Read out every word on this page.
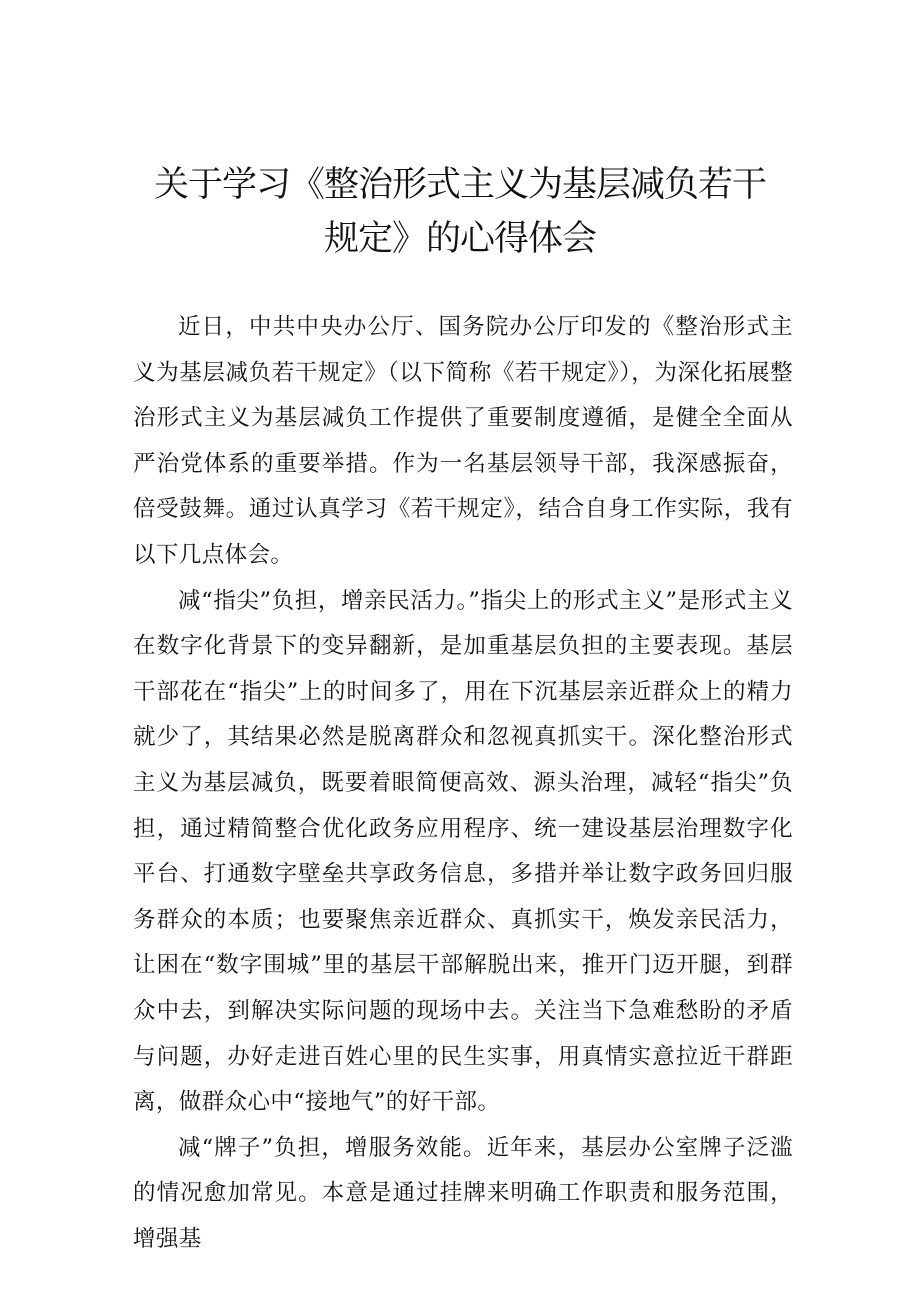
关于学习《整治形式主义为基层减负若干
规定》的心得体会

近日，中共中央办公厅、国务院办公厅印发的《整治形式主义为基层减负若干规定》（以下简称《若干规定》），为深化拓展整治形式主义为基层减负工作提供了重要制度遵循，是健全全面从严治党体系的重要举措。作为一名基层领导干部，我深感振奋，倍受鼓舞。通过认真学习《若干规定》，结合自身工作实际，我有以下几点体会。

减“指尖”负担，增亲民活力。”指尖上的形式主义”是形式主义在数字化背景下的变异翻新，是加重基层负担的主要表现。基层干部花在“指尖”上的时间多了，用在下沉基层亲近群众上的精力就少了，其结果必然是脱离群众和忽视真抓实干。深化整治形式主义为基层减负，既要着眼简便高效、源头治理，减轻“指尖”负担，通过精简整合优化政务应用程序、统一建设基层治理数字化平台、打通数字壁垒共享政务信息，多措并举让数字政务回归服务群众的本质；也要聚焦亲近群众、真抓实干，焕发亲民活力，让困在“数字围城”里的基层干部解脱出来，推开门迈开腿，到群众中去，到解决实际问题的现场中去。关注当下急难愁盼的矛盾与问题，办好走进百姓心里的民生实事，用真情实意拉近干群距离，做群众心中“接地气”的好干部。

减“牌子”负担，增服务效能。近年来，基层办公室牌子泛滥的情况愈加常见。本意是通过挂牌来明确工作职责和服务范围，增强基
